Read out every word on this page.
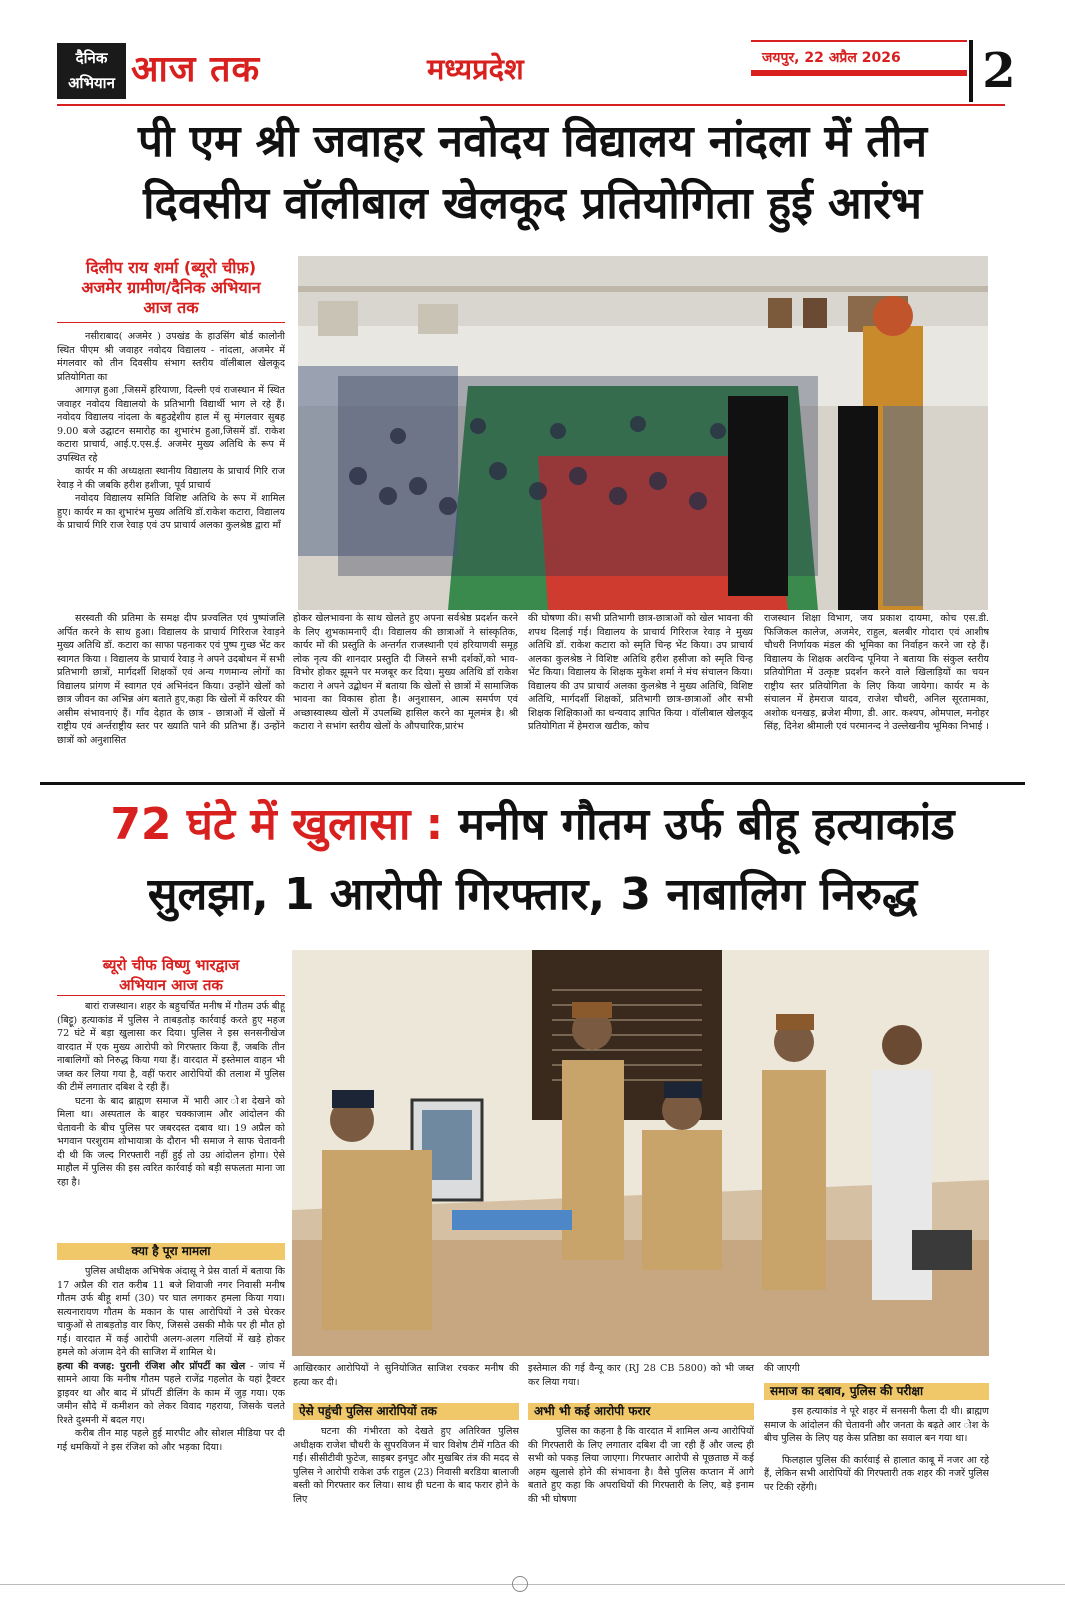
दैनिक
अभियान आज तक	मध्यप्रदेश	जयपुर, 22 अप्रैल 2026 2
पी एम श्री जवाहर नवोदय विद्यालय नांदला में तीन
दिवसीय वॉलीबाल खेलकूद प्रतियोगिता हुई आरंभ
दिलीप राय शर्मा (ब्यूरो चीफ़)
अजमेर ग्रामीण/दैनिक अभियान
आज तक

नसीराबाद( अजमेर ) उपखंड के हाउसिंग बोर्ड कालोनी स्थित पीएम श्री जवाहर नवोदय विद्यालय - नांदला, अजमेर में मंगलवार को तीन दिवसीय संभाग स्तरीय वॉलीबाल खेलकूद प्रतियोगिता का

आगाज़ हुआ ,जिसमें हरियाणा, दिल्ली एवं राजस्थान में स्थित जवाहर नवोदय विद्यालयो के प्रतिभागी विद्यार्थी भाग ले रहे हैं। नवोदय विद्यालय नांदला के बहुउद्देशीय हाल में सु मंगलवार सुबह 9.00 बजे उद्घाटन समारोह का शुभारंभ हुआ,जिसमें डॉ. राकेश कटारा प्राचार्य, आई.ए.एस.ई. अजमेर मुख्य अतिथि के रूप में उपस्थित रहे

कार्यर म की अध्यक्षता स्थानीय विद्यालय के प्राचार्य गिरि राज रेवाड़ ने की जबकि हरीश हशीजा, पूर्व प्राचार्य

नवोदय विद्यालय समिति विशिष्ट अतिथि के रूप में शामिल हुए। कार्यर म का शुभारंभ मुख्य अतिथि डॉ.राकेश कटारा, विद्यालय के प्राचार्य गिरि राज रेवाड़ एवं उप प्राचार्य अलका कुलश्रेष्ठ द्वारा माँ

सरस्वती की प्रतिमा के समक्ष दीप प्रज्वलित एवं पुष्पांजलि अर्पित करने के साथ हुआ। विद्यालय के प्राचार्य गिरिराज रेवाड़ने मुख्य अतिथि डॉ. कटारा का साफा पहनाकर एवं पुष्प गुच्छ भेंट कर स्वागत किया । विद्यालय के प्राचार्य रेवाड़ ने अपने उदबोधन में सभी प्रतिभागी छात्रों, मार्गदर्शी शिक्षकों एवं अन्य गणमान्य लोगों का विद्यालय प्रांगण में स्वागत एवं अभिनंदन किया। उन्होंने खेलों को छात्र जीवन का अभिन्न अंग बताते हुए,कहा कि खेलों में करियर की असीम संभावनाएं हैं। गाँव देहात के छात्र - छात्राओं में खेलों में राष्ट्रीय एवं अर्न्तराष्ट्रीय स्तर पर ख्याति पाने की प्रतिभा हैं। उन्होंने छात्रों को अनुशासित

होकर खेलभावना के साथ खेलते हुए अपना सर्वश्रेष्ठ प्रदर्शन करने के लिए शुभकामनाएँ दी। विद्यालय की छात्राओं ने सांस्कृतिक, कार्यर मों की प्रस्तुति के अन्तर्गत राजस्थानी एवं हरियाणवी समूह लोक नृत्य की शानदार प्रस्तुति दी जिसने सभी दर्शकों,को भाव-विभोर होकर झूमने पर मजबूर कर दिया। मुख्य अतिथि डॉ राकेश कटारा ने अपने उद्बोधन में बताया कि खेलों से छात्रों में सामाजिक भावना का विकास होता है। अनुशासन, आत्म समर्पण एवं अच्छास्वास्थ्य खेलों में उपलब्धि हासिल करने का मूलमंत्र है। श्री कटारा ने सभांग स्तरीय खेलों के औपचारिक,प्रारंभ

की घोषणा की। सभी प्रतिभागी छात्र-छात्राओं को खेल भावना की शपथ दिलाई गई। विद्यालय के प्राचार्य गिरिराज रेवाड़ ने मुख्य अतिथि डॉ. राकेश कटारा को स्मृति चिन्ह भेंट किया। उप प्राचार्य अलका कुलश्रेष्ठ ने विशिष्ट अतिथि हरीश हसीजा को स्मृति चिन्ह भेंट किया। विद्यालय के शिक्षक मुकेश शर्मा ने मंच संचालन किया। विद्यालय की उप प्राचार्य अलका कुलश्रेष्ठ ने मुख्य अतिथि, विशिष्ट अतिथि, मार्गदर्शी शिक्षकों, प्रतिभागी छात्र-छात्राओं और सभी शिक्षक शिक्षिकाओं का धन्यवाद ज्ञापित किया । वॉलीबाल खेलकूद प्रतियोगिता में हेमराज खटीक, कोच

राजस्थान शिक्षा विभाग, जय प्रकाश दायमा, कोच एस.डी. फिजिकल कालेज, अजमेर, राहुल, बलबीर गोदारा एवं आशीष चौधरी निर्णायक मंडल की भूमिका का निर्वाहन करने जा रहे हैं। विद्यालय के शिक्षक अरविन्द पूनिया ने बताया कि संकुल स्तरीय प्रतियोगिता में उत्कृष्ट प्रदर्शन करने वाले खिलाड़ियों का चयन राष्ट्रीय स्तर प्रतियोगिता के लिए किया जायेगा। कार्यर म के संचालन में हेमराज यादव, राजेश चौधरी, अनिल सूरतामका, अशोक धनखड़, ब्रजेश मीणा, डी. आर. कश्यप, ओमपाल, मनोहर सिंह, दिनेश श्रीमाली एवं परमानन्द ने उल्लेखनीय भूमिका निभाई ।

72 घंटे में खुलासा : मनीष गौतम उर्फ बीहू हत्याकांड
सुलझा, 1 आरोपी गिरफ्तार, 3 नाबालिग निरुद्ध
ब्यूरो चीफ विष्णु भारद्वाज
अभियान आज तक

बारां राजस्थान। शहर के बहुचर्चित मनीष में गौतम उर्फ बीहू (बिट्टू) हत्याकांड में पुलिस ने ताबड़तोड़ कार्रवाई करते हुए महज 72 घंटे में बड़ा खुलासा कर दिया। पुलिस ने इस सनसनीखेज वारदात में एक मुख्य आरोपी को गिरफ्तार किया हैं, जबकि तीन नाबालिगों को निरुद्ध किया गया हैं। वारदात में इस्तेमाल वाहन भी जब्त कर लिया गया है, वहीं फरार आरोपियों की तलाश में पुलिस की टीमें लगातार दबिश दे रही हैं।

घटना के बाद ब्राह्मण समाज में भारी आर ोश देखने को मिला था। अस्पताल के बाहर चक्काजाम और आंदोलन की चेतावनी के बीच पुलिस पर जबरदस्त दबाव था। 19 अप्रैल को भगवान परशुराम शोभायात्रा के दौरान भी समाज ने साफ चेतावनी दी थी कि जल्द गिरफ्तारी नहीं हुई तो उग्र आंदोलन होगा। ऐसे माहौल में पुलिस की इस त्वरित कार्रवाई को बड़ी सफलता माना जा रहा है।

क्या है पूरा मामला

पुलिस अधीक्षक अभिषेक अंदासू ने प्रेस वार्ता में बताया कि 17 अप्रैल की रात करीब 11 बजे शिवाजी नगर निवासी मनीष गौतम उर्फ बीहू शर्मा (30) पर घात लगाकर हमला किया गया। सत्यनारायण गौतम के मकान के पास आरोपियों ने उसे घेरकर चाकुओं से ताबड़तोड़ वार किए, जिससे उसकी मौके पर ही मौत हो गई। वारदात में कई आरोपी अलग-अलग गलियों में खड़े होकर हमले को अंजाम देने की साजिश में शामिल थे।

हत्या की वजह: पुरानी रंजिश और प्रॉपर्टी का खेल - जांच में सामने आया कि मनीष गौतम पहले राजेंद्र गहलोत के यहां ट्रैक्टर ड्राइवर था और बाद में प्रॉपर्टी डीलिंग के काम में जुड़ गया। एक जमीन सौदे में कमीशन को लेकर विवाद गहराया, जिसके चलते रिश्ते दुश्मनी में बदल गए।

करीब तीन माह पहले हुई मारपीट और सोशल मीडिया पर दी गई धमकियों ने इस रंजिश को और भड़का दिया।

आखिरकार आरोपियों ने सुनियोजित साजिश रचकर मनीष की हत्या कर दी।

ऐसे पहुंची पुलिस आरोपियों तक

घटना की गंभीरता को देखते हुए अतिरिक्त पुलिस अधीक्षक राजेश चौधरी के सुपरविजन में चार विशेष टीमें गठित की गईं। सीसीटीवी फुटेज, साइबर इनपुट और मुखबिर तंत्र की मदद से पुलिस ने आरोपी राकेश उर्फ राहुल (23) निवासी बरडिया बालाजी बस्ती को गिरफ्तार कर लिया। साथ ही घटना के बाद फरार होने के लिए

इस्तेमाल की गई वैन्यू कार (RJ 28 CB 5800) को भी जब्त कर लिया गया।

अभी भी कई आरोपी फरार

पुलिस का कहना है कि वारदात में शामिल अन्य आरोपियों की गिरफ्तारी के लिए लगातार दबिश दी जा रही हैं और जल्द ही सभी को पकड़ लिया जाएगा। गिरफ्तार आरोपी से पूछताछ में कई अहम खुलासे होने की संभावना है। वैसे पुलिस कप्तान में आगे बताते हुए कहा कि अपराधियों की गिरफ्तारी के लिए, बड़े इनाम की भी घोषणा

की जाएगी

समाज का दबाव, पुलिस की परीक्षा

इस हत्याकांड ने पूरे शहर में सनसनी फैला दी थी। ब्राह्मण समाज के आंदोलन की चेतावनी और जनता के बढ़ते आर ोश के बीच पुलिस के लिए यह केस प्रतिष्ठा का सवाल बन गया था।

फिलहाल पुलिस की कार्रवाई से हालात काबू में नजर आ रहे हैं, लेकिन सभी आरोपियों की गिरफ्तारी तक शहर की नजरें पुलिस पर टिकी रहेंगी।
